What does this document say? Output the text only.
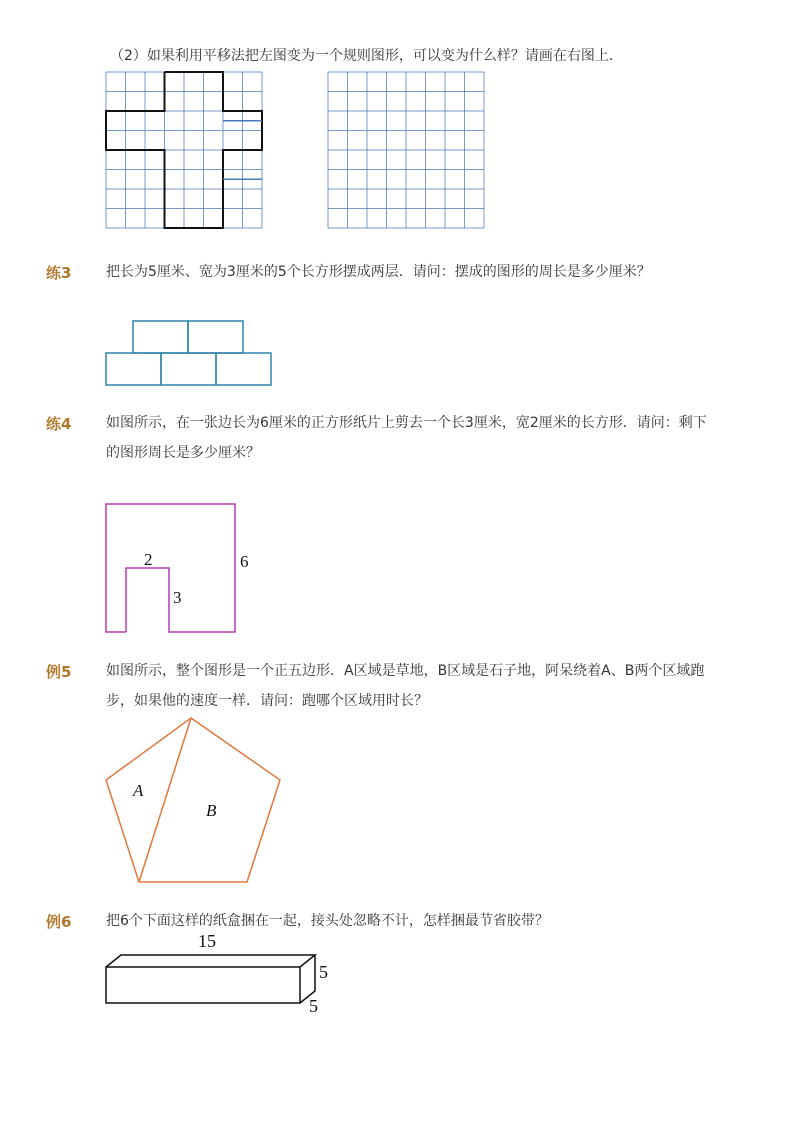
（2）如果利用平移法把左图变为一个规则图形，可以变为什么样？请画在右图上．
练3 把长为5厘米、宽为3厘米的5个长方形摆成两层．请问：摆成的图形的周长是多少厘米？
练4 如图所示，在一张边长为6厘米的正方形纸片上剪去一个长3厘米，宽2厘米的长方形．请问：剩下
的图形周长是多少厘米？
2
3
6
例5 如图所示，整个图形是一个正五边形．A区域是草地，B区域是石子地，阿呆绕着A、B两个区域跑
步，如果他的速度一样．请问：跑哪个区域用时长？
A
B
例6 把6个下面这样的纸盒捆在一起，接头处忽略不计，怎样捆最节省胶带？
15
5
5
